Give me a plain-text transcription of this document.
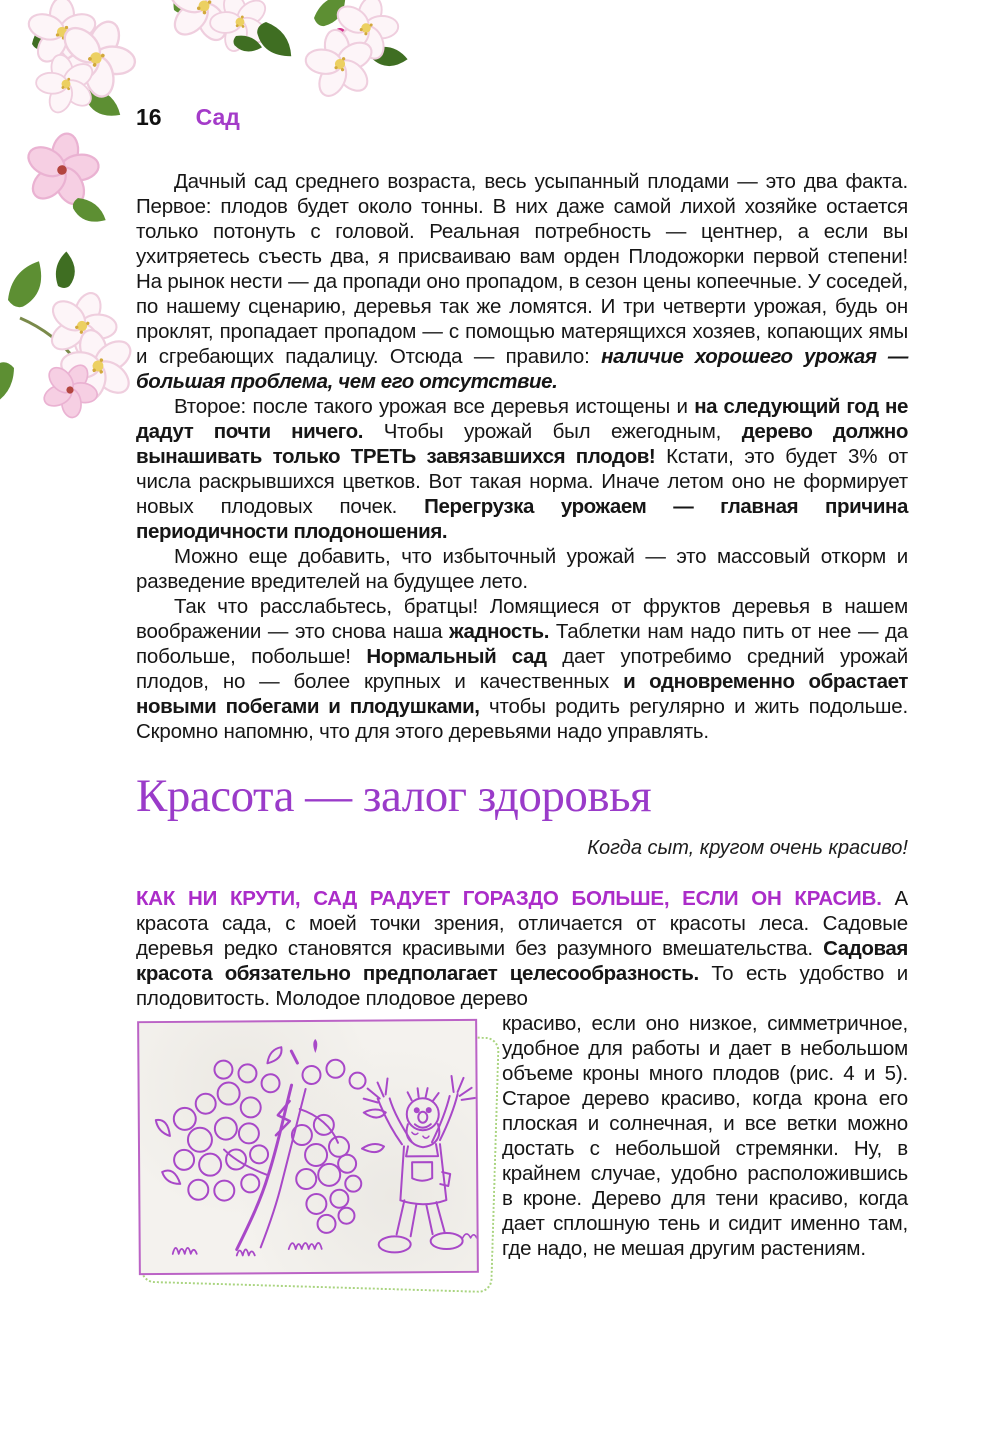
16 Сад

Дачный сад среднего возраста, весь усыпанный плодами — это два факта. Первое: плодов будет около тонны. В них даже самой лихой хозяйке остается только потонуть с головой. Реальная потребность — центнер, а если вы ухитряетесь съесть два, я присваиваю вам орден Плодожорки первой степени! На рынок нести — да пропади оно пропадом, в сезон цены копеечные. У соседей, по нашему сценарию, деревья так же ломятся. И три четверти урожая, будь он проклят, пропадает пропадом — с помощью матерящихся хозяев, копающих ямы и сгребающих падалицу. Отсюда — правило: наличие хорошего урожая — большая проблема, чем его отсутствие.

Второе: после такого урожая все деревья истощены и на следующий год не дадут почти ничего. Чтобы урожай был ежегодным, дерево должно вынашивать только ТРЕТЬ завязавшихся плодов! Кстати, это будет 3% от числа раскрывшихся цветков. Вот такая норма. Иначе летом оно не формирует новых плодовых почек. Перегрузка урожаем — главная причина периодичности плодоношения.

Можно еще добавить, что избыточный урожай — это массовый откорм и разведение вредителей на будущее лето.

Так что расслабьтесь, братцы! Ломящиеся от фруктов деревья в нашем воображении — это снова наша жадность. Таблетки нам надо пить от нее — да побольше, побольше! Нормальный сад дает употребимо средний урожай плодов, но — более крупных и качественных и одновременно обрастает новыми побегами и плодушками, чтобы родить регулярно и жить подольше. Скромно напомню, что для этого деревьями надо управлять.

Красота — залог здоровья

Когда сыт, кругом очень красиво!

КАК НИ КРУТИ, САД РАДУЕТ ГОРАЗДО БОЛЬШЕ, ЕСЛИ ОН КРАСИВ. А красота сада, с моей точки зрения, отличается от красоты леса. Садовые деревья редко становятся красивыми без разумного вмешательства. Садовая красота обязательно предполагает целесообразность. То есть удобство и плодовитость. Молодое плодовое дерево

красиво, если оно низкое, симметричное, удобное для работы и дает в небольшом объеме кроны много плодов (рис. 4 и 5). Старое дерево красиво, когда крона его плоская и солнечная, и все ветки можно достать с небольшой стремянки. Ну, в крайнем случае, удобно расположившись в кроне. Дерево для тени красиво, когда дает сплошную тень и сидит именно там, где надо, не мешая другим растениям.
